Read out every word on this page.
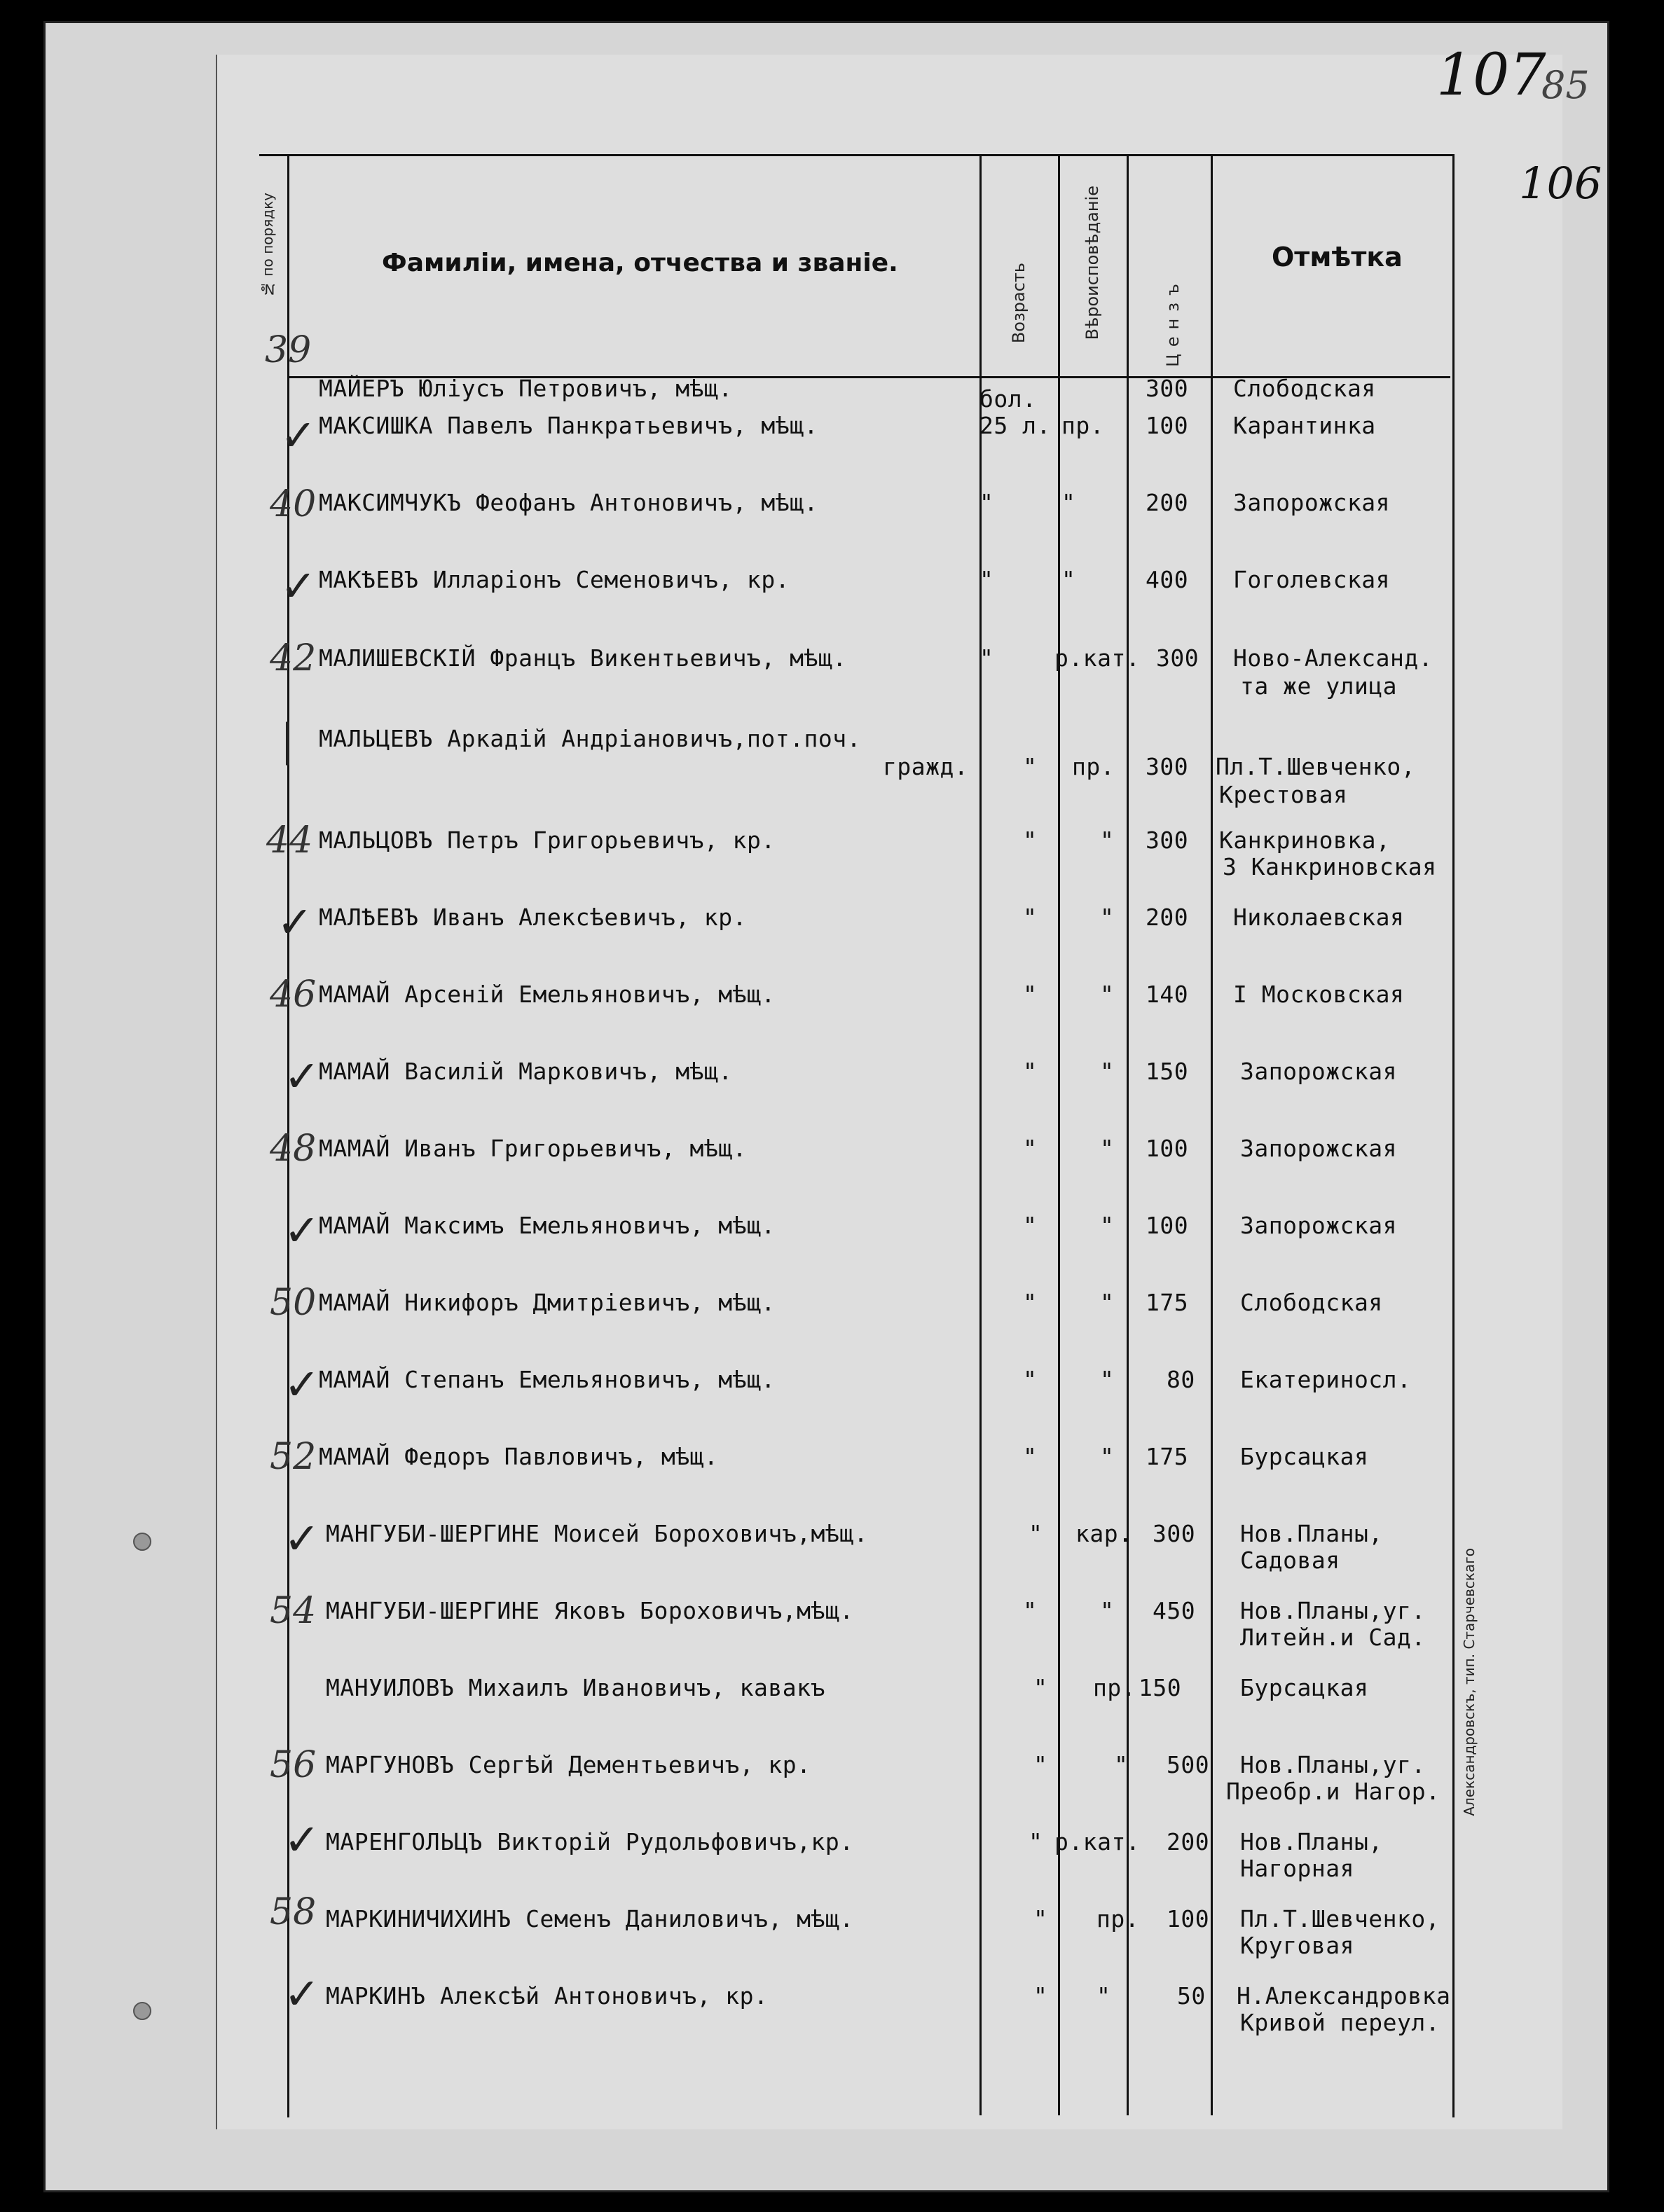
107
85
106
№ по порядку	Фамилiи, имена, отчества и званiе.	Возрасть	Вѣроисповѣданiе	Цензъ
Отмѣтка
39
МАЙЕРЪ Юлiусъ Петровичъ, мѣщ.	бол.	300 Слободская
✓ МАКСИШКА Павелъ Панкратьевичъ, мѣщ.	25 л. пр. 100 Карантинка
40 МАКСИМЧУКЪ Феофанъ Антоновичъ, мѣщ.	"	"	200 Запорожская
✓ МАКѢЕВЪ Илларiонъ Семеновичъ, кр.	"	"	400 Гоголевская
42 МАЛИШЕВСКIЙ Францъ Викентьевичъ, мѣщ.	"	р.кат. 300 Ново-Александ.
та же улица
| МАЛЬЦЕВЪ Аркадiй Андрiановичъ,пот.поч.
гражд. " пр. 300 Пл.Т.Шевченко,
Крестовая
44 МАЛЬЦОВЪ Петръ Григорьевичъ, кр.	"	" 300 Канкриновка,
3 Канкриновская
✓ МАЛѢЕВЪ Иванъ Алексѣевичъ, кр.	"	" 200 Николаевская
46 МАМАЙ Арсенiй Емельяновичъ, мѣщ.	"	" 140 I Московская
✓
МАМАЙ Василiй Марковичъ, мѣщ.	"	" 150 Запорожская
48 МАМАЙ Иванъ Григорьевичъ, мѣщ.	"	" 100 Запорожская
✓
МАМАЙ Максимъ Емельяновичъ, мѣщ.	"	" 100 Запорожская
50 МАМАЙ Никифоръ Дмитрiевичъ, мѣщ.	"	" 175 Слободская
✓
МАМАЙ Степанъ Емельяновичъ, мѣщ.	"	" 80 Екатериносл.
52 МАМАЙ Федоръ Павловичъ, мѣщ.	"	" 175 Бурсацкая
✓ МАНГУБИ-ШЕРГИНЕ Моисей Бороховичъ,мѣщ.	" кар. 300 Нов.Планы,
Садовая
54 МАНГУБИ-ШЕРГИНЕ Яковъ Бороховичъ,мѣщ.	"	" 450 Нов.Планы,уг.
Литейн.и Сад.
МАНУИЛОВЪ Михаилъ Ивановичъ, кавакъ	" пр. 150	Бурсацкая
56 МАРГУНОВЪ Сергѣй Дементьевичъ, кр.	"	" 500 Нов.Планы,уг.
Преобр.и Нагор.
✓ МАРЕНГОЛЬЦЪ Викторiй Рудольфовичъ,кр.	" р.кат. 200 Нов.Планы,
Нагорная
58 МАРКИНИЧИХИНЪ Семенъ Даниловичъ, мѣщ.	" пр. 100 Пл.Т.Шевченко,
Круговая
✓ МАРКИНЪ Алексѣй Антоновичъ, кр.	" "	50 Н.Александровка
Кривой переул.
Александровскъ, тип. Старчевскаго
